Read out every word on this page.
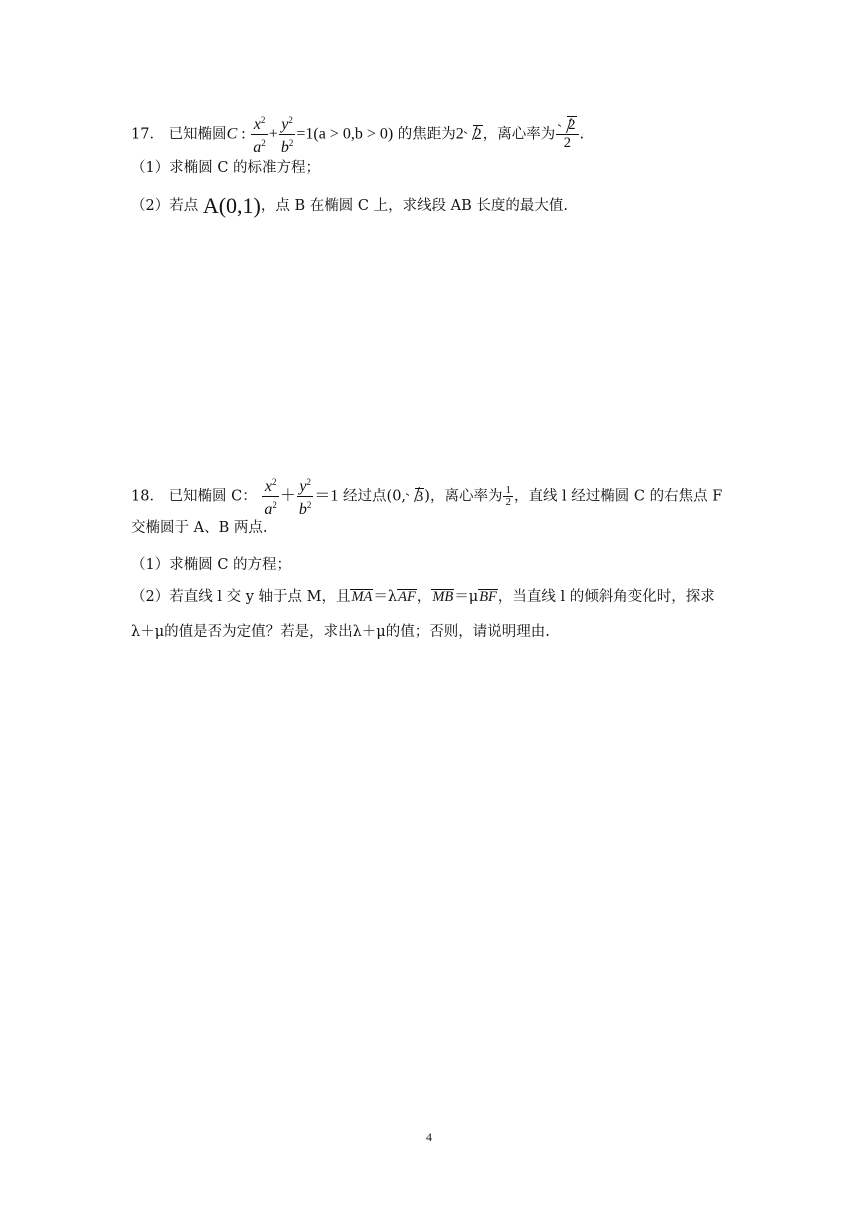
17． 已知椭圆C : $\frac{x^2}{a^2} + \frac{y^2}{b^2} =1(a > 0,b > 0)$ 的焦距为2 2，离心率为 $\frac{2}{2}$ .
（1）求椭圆 C 的标准方程；
（2）若点 A(0,1)，点 B 在椭圆 C 上，求线段 AB 长度的最大值.
18． 已知椭圆 C： $\frac{x^2}{a^2} + \frac{y^2}{b^2} =1$ 经过点(0, 3)，离心率为 $\frac{1}{2}$ ，直线 l 经过椭圆 C 的右焦点 F
交椭圆于 A、B 两点.
（1）求椭圆 C 的方程；
（2）若直线 l 交 y 轴于点 M，且MA＝λAF，MB＝μBF，当直线 l 的倾斜角变化时，探求
λ＋μ的值是否为定值？若是，求出λ＋μ的值；否则，请说明理由.
4
